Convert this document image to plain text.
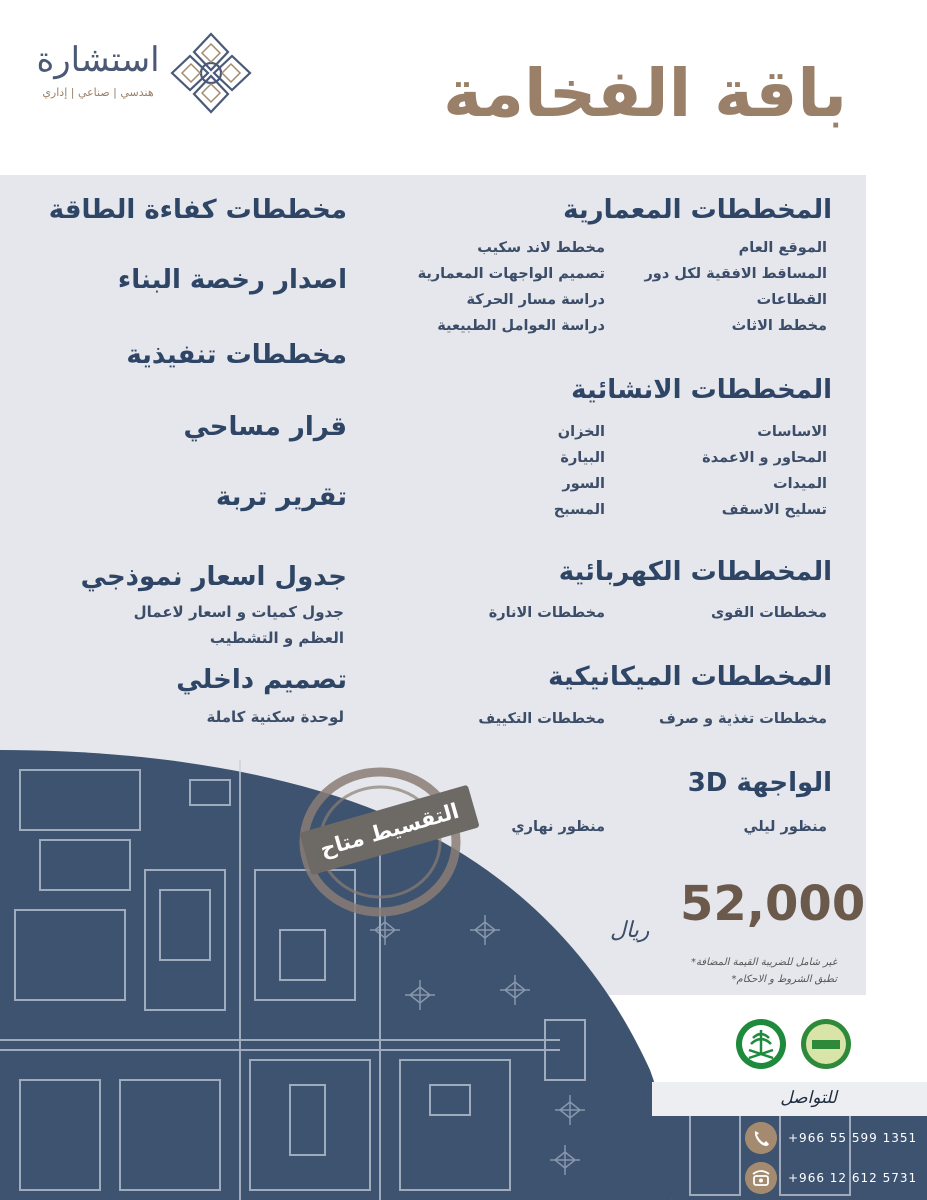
باقة الفخامة
استشارة
هندسي | صناعي | إداري
المخططات المعمارية
الموقع العام
المساقط الافقية لكل دور
القطاعات
مخطط الاثاث
مخطط لاند سكيب
تصميم الواجهات المعمارية
دراسة مسار الحركة
دراسة العوامل الطبيعية
المخططات الانشائية
الاساسات
المحاور و الاعمدة
الميدات
تسليح الاسقف
الخزان
البيارة
السور
المسبح
المخططات الكهربائية
مخططات القوى
مخططات الانارة
المخططات الميكانيكية
مخططات تغذية و صرف
مخططات التكييف
الواجهة 3D
منظور ليلي
منظور نهاري
مخططات كفاءة الطاقة
اصدار رخصة البناء
مخططات تنفيذية
قرار مساحي
تقرير تربة
جدول اسعار نموذجي
جدول كميات و اسعار لاعمال
العظم و التشطيب
تصميم داخلي
لوحدة سكنية كاملة
التقسيط متاح
52,000
ريال
غير شامل للضريبة القيمة المضافة*
تطبق الشروط و الاحكام*
للتواصل
+966 55 599 1351
+966 12 612 5731
